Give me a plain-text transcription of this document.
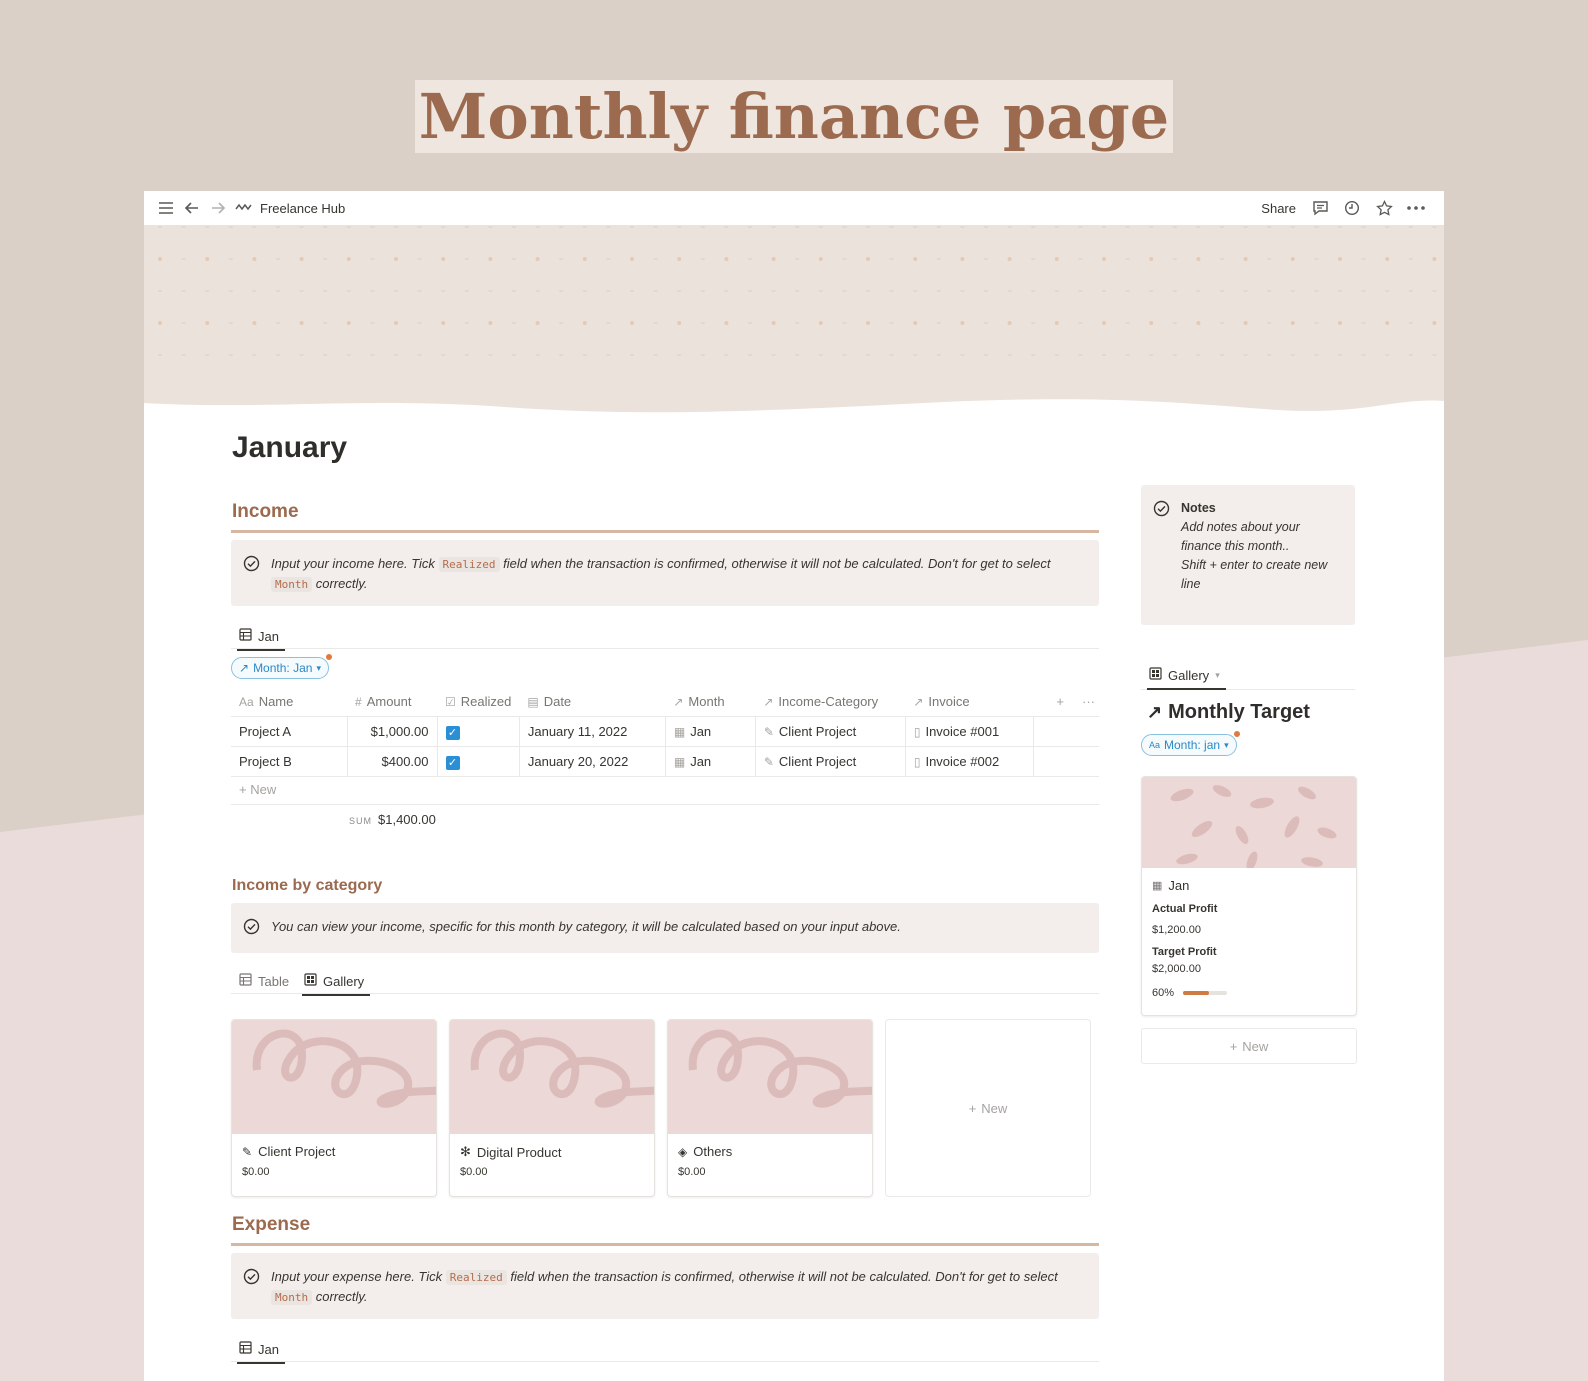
Monthly finance page
Freelance Hub	Share
January
Income
Input your income here. Tick Realized field when the transaction is confirmed, otherwise it will not be calculated. Don't for get to select Month correctly.
Jan
↗ Month: Jan ▾
Aa Name	# Amount	☑ Realized	▤ Date	↗ Month	↗ Income-Category	↗ Invoice	+ ···
Project A	$1,000.00	✓	January 11, 2022	▦ Jan	✎ Client Project	▯ Invoice #001	
Project B	$400.00	✓	January 20, 2022	▦ Jan	✎ Client Project	▯ Invoice #002	
+ New
SUM $1,400.00
Income by category
You can view your income, specific for this month by category, it will be calculated based on your input above.
Table	Gallery
✎ Client Project
$0.00
✻ Digital Product
$0.00
◈ Others
$0.00
+ New
Expense
Input your expense here. Tick Realized field when the transaction is confirmed, otherwise it will not be calculated. Don't for get to select Month correctly.
Jan
Notes
Add notes about your finance this month..
Shift + enter to create new line
Gallery ▾
↗ Monthly Target
Aa Month: jan ▾
▦ Jan
Actual Profit
$1,200.00
Target Profit
$2,000.00
60%
+ New
